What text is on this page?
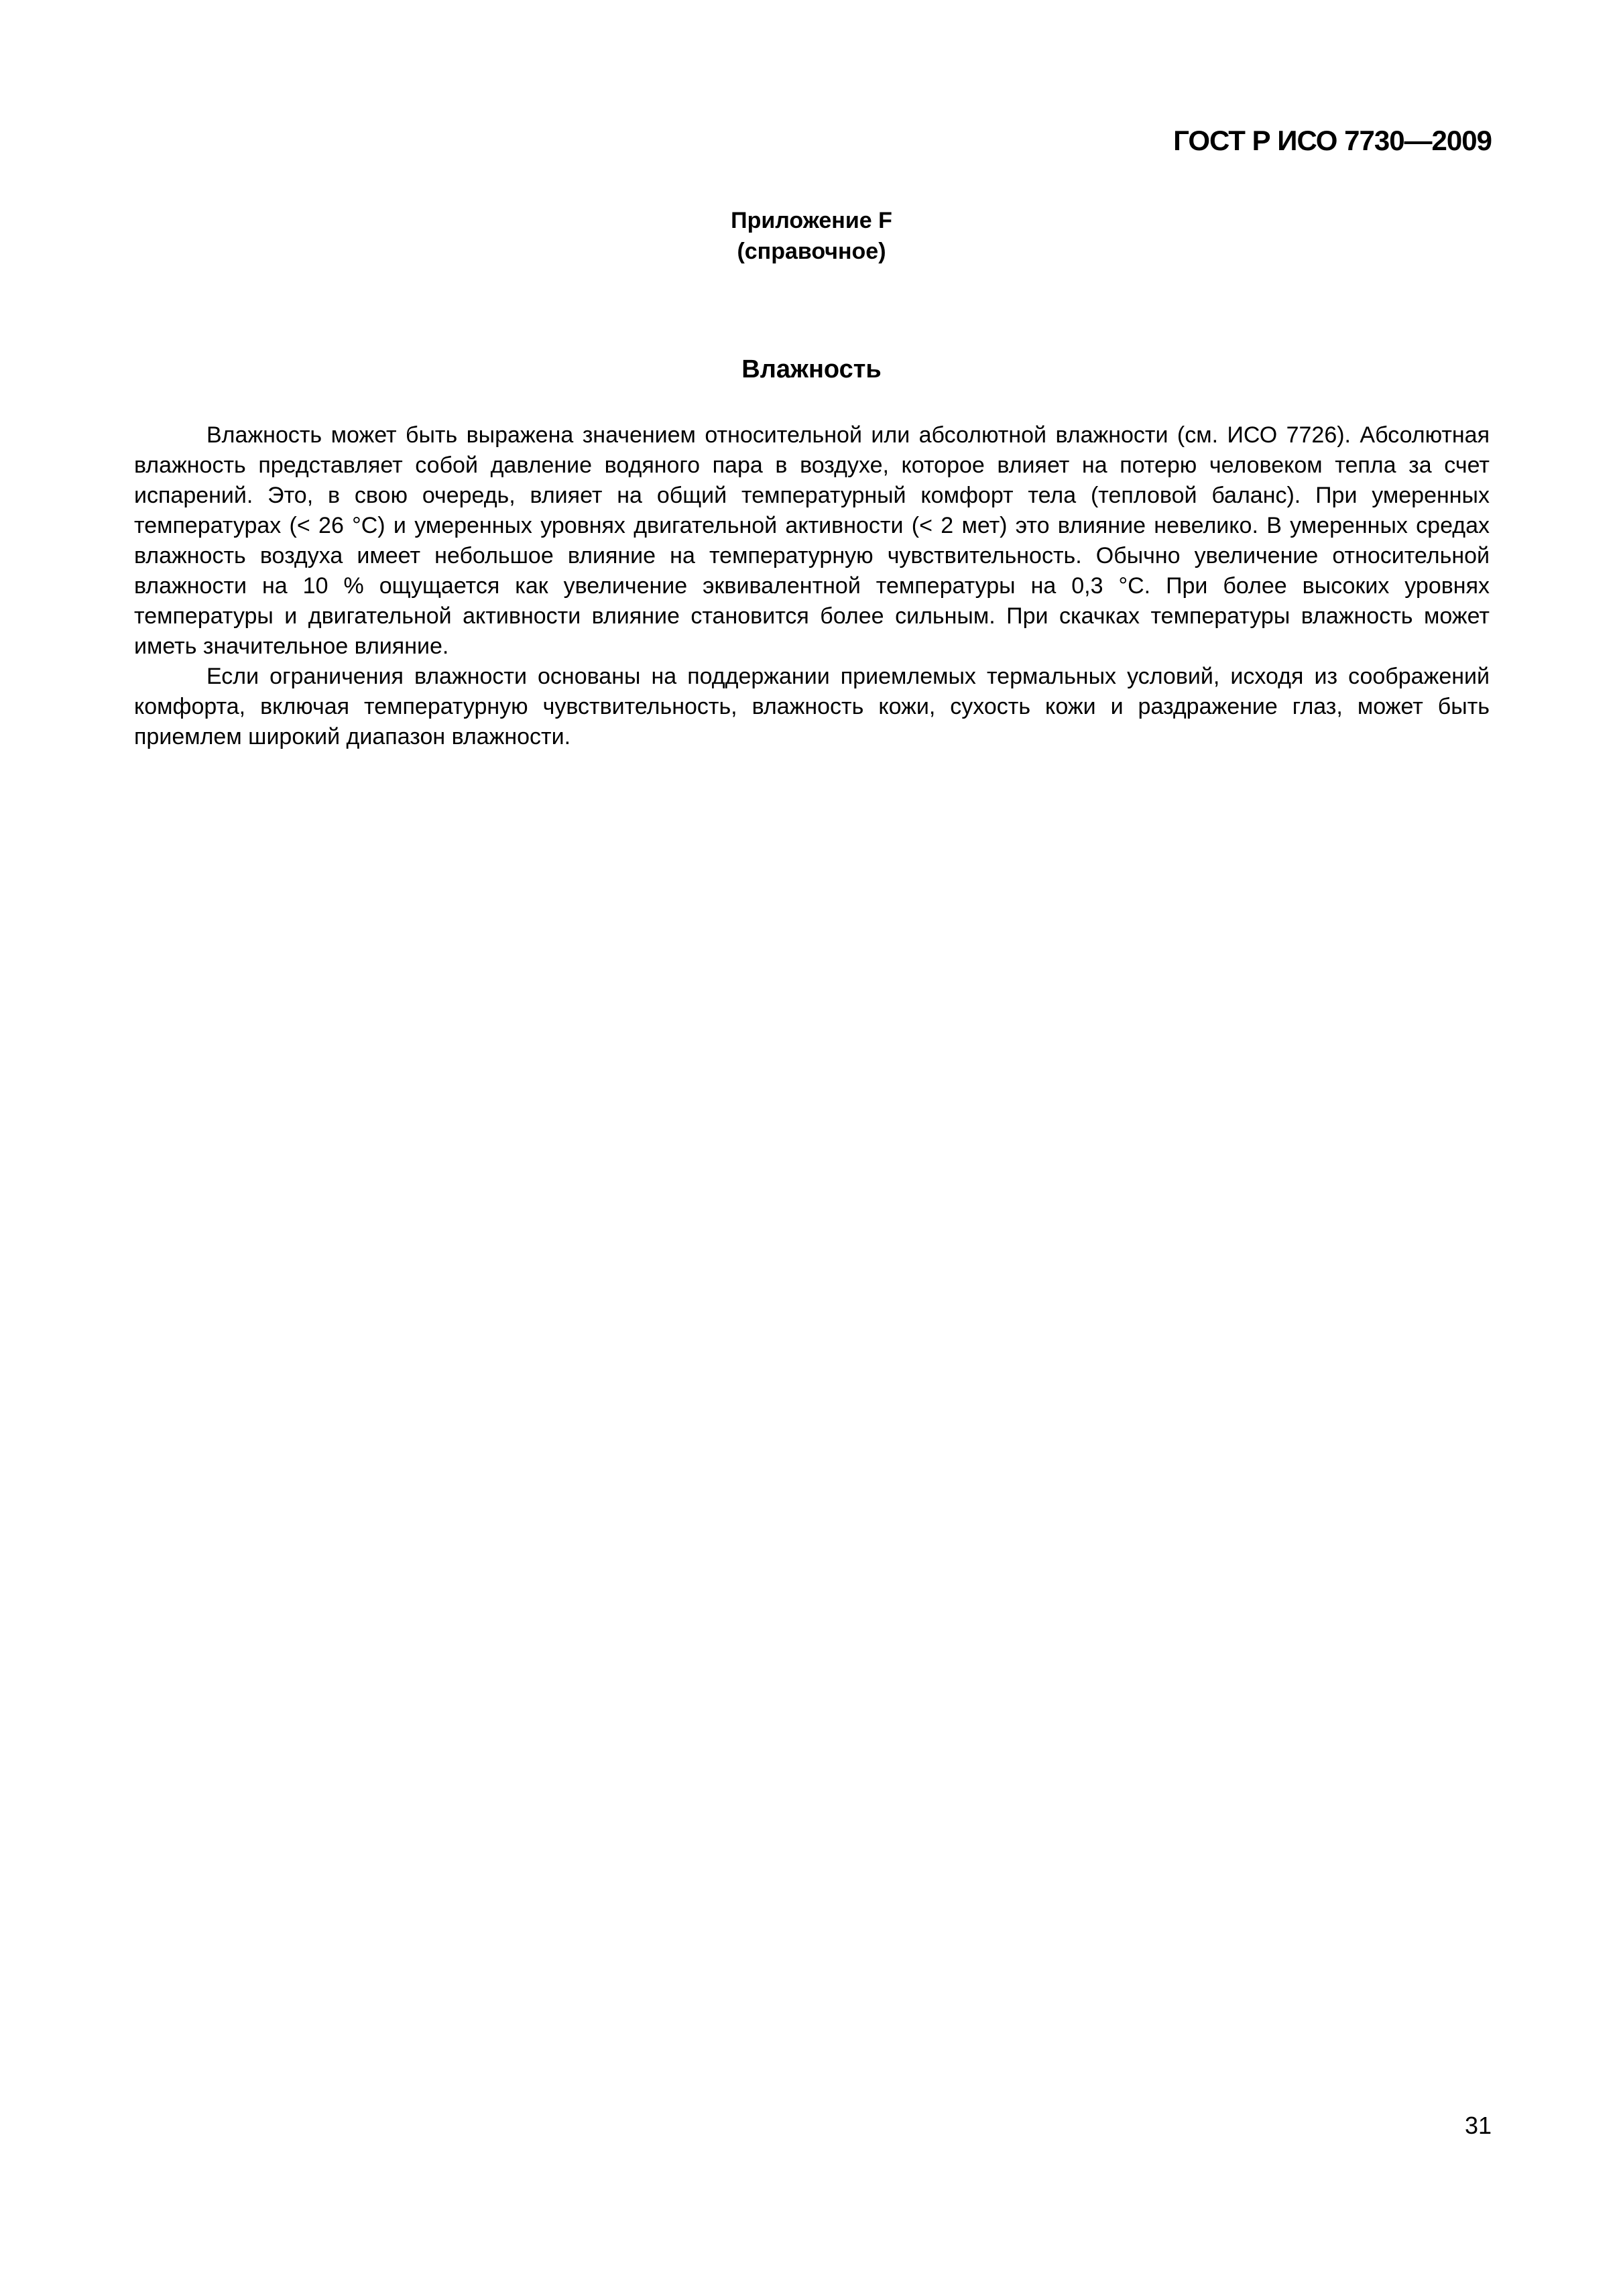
ГОСТ Р ИСО 7730—2009
Приложение F
(справочное)
Влажность

Влажность может быть выражена значением относительной или абсолютной влажности (см. ИСО 7726). Абсолютная влажность представляет собой давление водяного пара в воздухе, которое влияет на потерю человеком тепла за счет испарений. Это, в свою очередь, влияет на общий температурный комфорт тела (тепловой баланс). При умеренных температурах (< 26 °C) и умеренных уровнях двигательной активности (< 2 мет) это влияние невелико. В умеренных средах влажность воздуха имеет небольшое влияние на температурную чувствительность. Обычно увеличение относительной влажности на 10 % ощущается как увеличение эквивалентной температуры на 0,3 °С. При более высоких уровнях температуры и двигательной активности влияние становится более сильным. При скачках температуры влажность может иметь значительное влияние.

Если ограничения влажности основаны на поддержании приемлемых термальных условий, исходя из соображений комфорта, включая температурную чувствительность, влажность кожи, сухость кожи и раздражение глаз, может быть приемлем широкий диапазон влажности.

31
